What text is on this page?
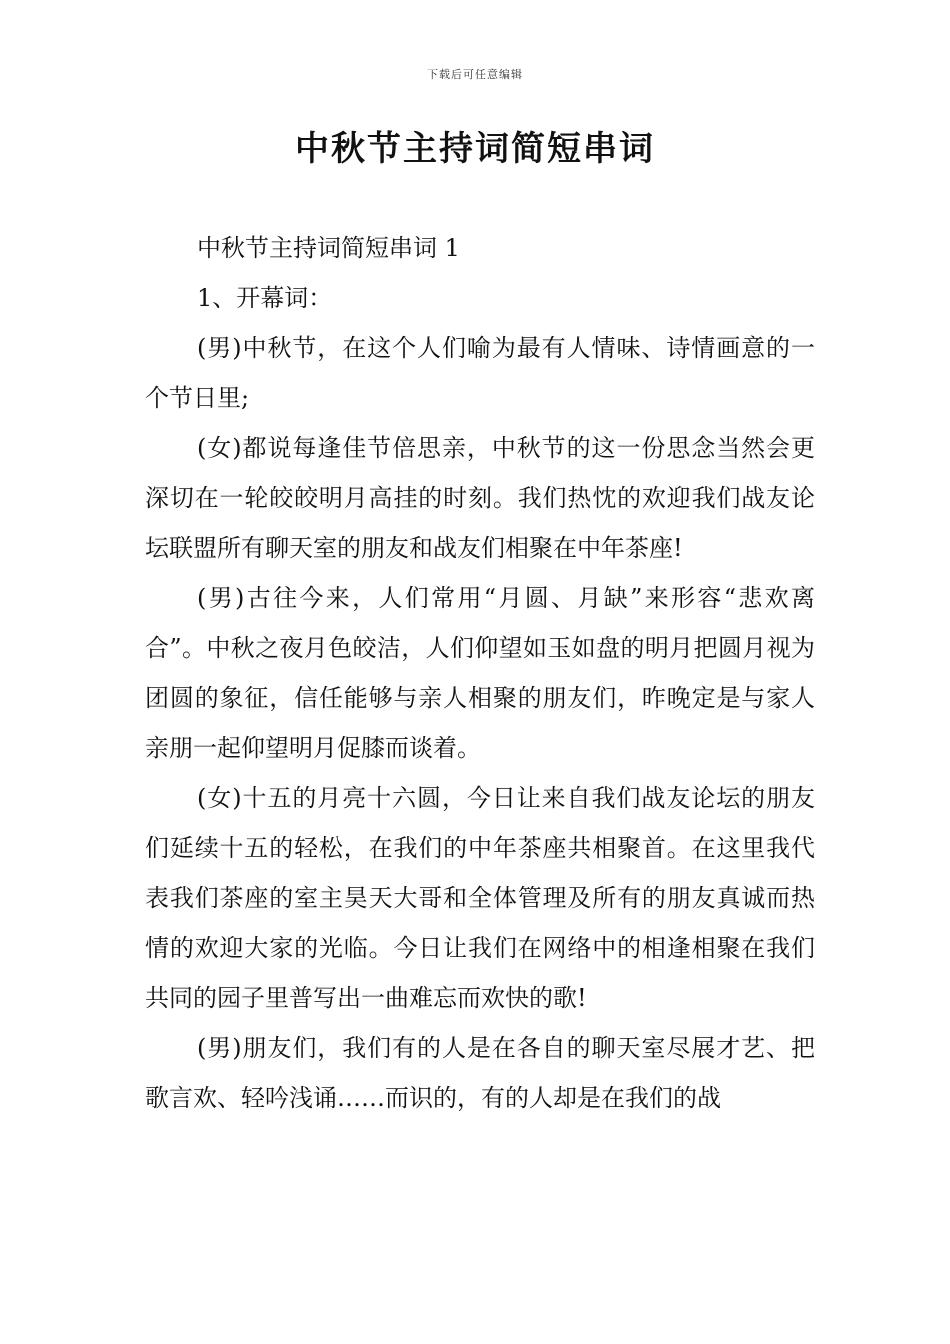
下载后可任意编辑
中秋节主持词简短串词

中秋节主持词简短串词 1

1、开幕词：

(男)中秋节，在这个人们喻为最有人情味、诗情画意的一个节日里;

(女)都说每逢佳节倍思亲，中秋节的这一份思念当然会更深切在一轮皎皎明月高挂的时刻。我们热忱的欢迎我们战友论坛联盟所有聊天室的朋友和战友们相聚在中年茶座!

(男)古往今来，人们常用“月圆、月缺”来形容“悲欢离合”。中秋之夜月色皎洁，人们仰望如玉如盘的明月把圆月视为团圆的象征，信任能够与亲人相聚的朋友们，昨晚定是与家人亲朋一起仰望明月促膝而谈着。

(女)十五的月亮十六圆，今日让来自我们战友论坛的朋友们延续十五的轻松，在我们的中年茶座共相聚首。在这里我代表我们茶座的室主昊天大哥和全体管理及所有的朋友真诚而热情的欢迎大家的光临。今日让我们在网络中的相逢相聚在我们共同的园子里普写出一曲难忘而欢快的歌!

(男)朋友们，我们有的人是在各自的聊天室尽展才艺、把歌言欢、轻吟浅诵……而识的，有的人却是在我们的战
